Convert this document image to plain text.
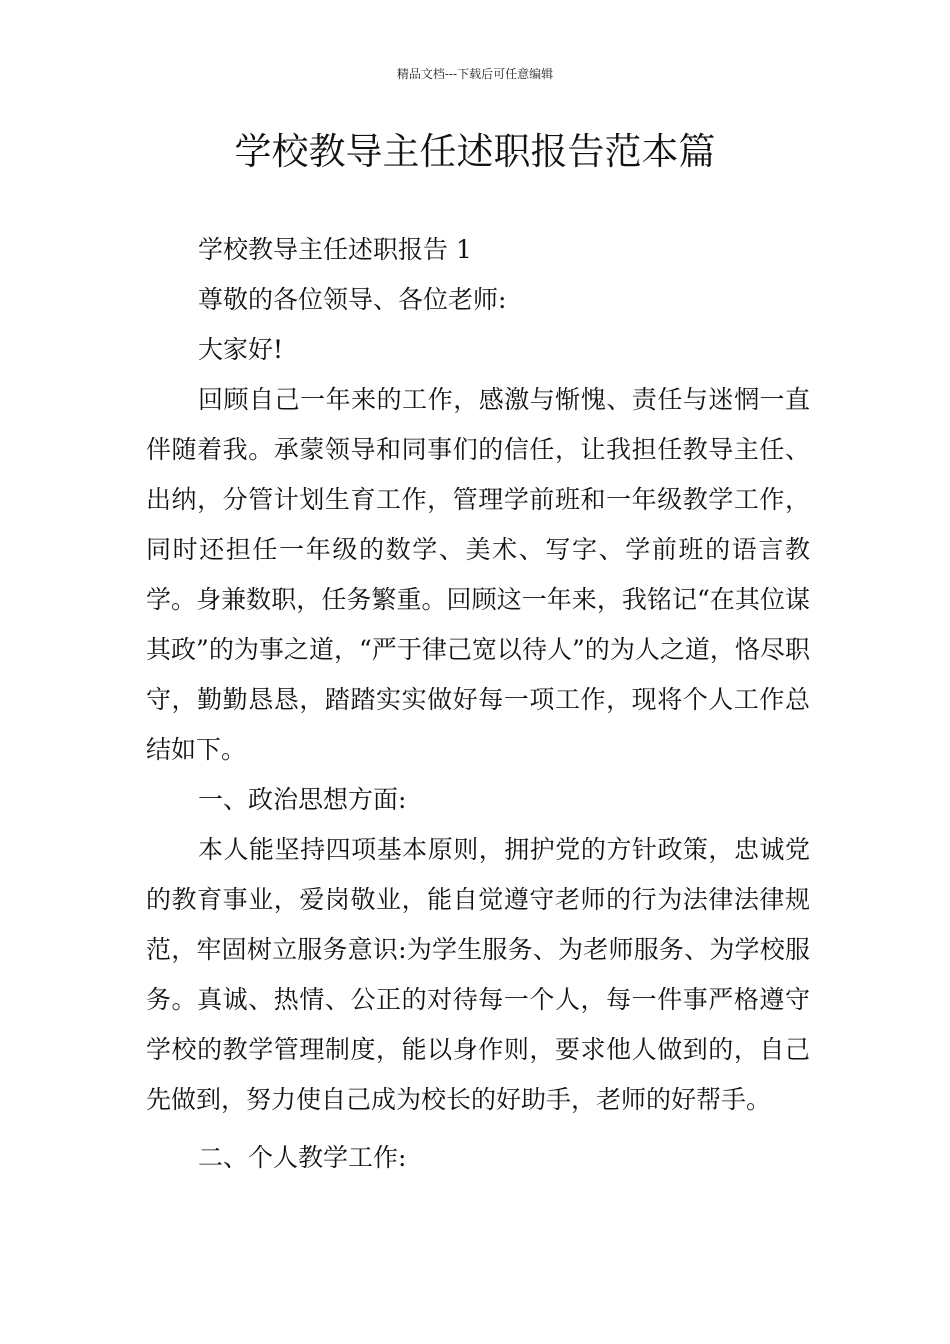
精品文档---下载后可任意编辑
学校教导主任述职报告范本篇

学校教导主任述职报告 1

尊敬的各位领导、各位老师:

大家好!

回顾自己一年来的工作，感激与惭愧、责任与迷惘一直伴随着我。承蒙领导和同事们的信任，让我担任教导主任、出纳，分管计划生育工作，管理学前班和一年级教学工作，同时还担任一年级的数学、美术、写字、学前班的语言教学。身兼数职，任务繁重。回顾这一年来，我铭记“在其位谋其政”的为事之道，“严于律己宽以待人”的为人之道，恪尽职守，勤勤恳恳，踏踏实实做好每一项工作，现将个人工作总结如下。

一、政治思想方面:

本人能坚持四项基本原则，拥护党的方针政策，忠诚党的教育事业，爱岗敬业，能自觉遵守老师的行为法律法律规范，牢固树立服务意识:为学生服务、为老师服务、为学校服务。真诚、热情、公正的对待每一个人，每一件事严格遵守学校的教学管理制度，能以身作则，要求他人做到的，自己先做到，努力使自己成为校长的好助手，老师的好帮手。

二、个人教学工作:
